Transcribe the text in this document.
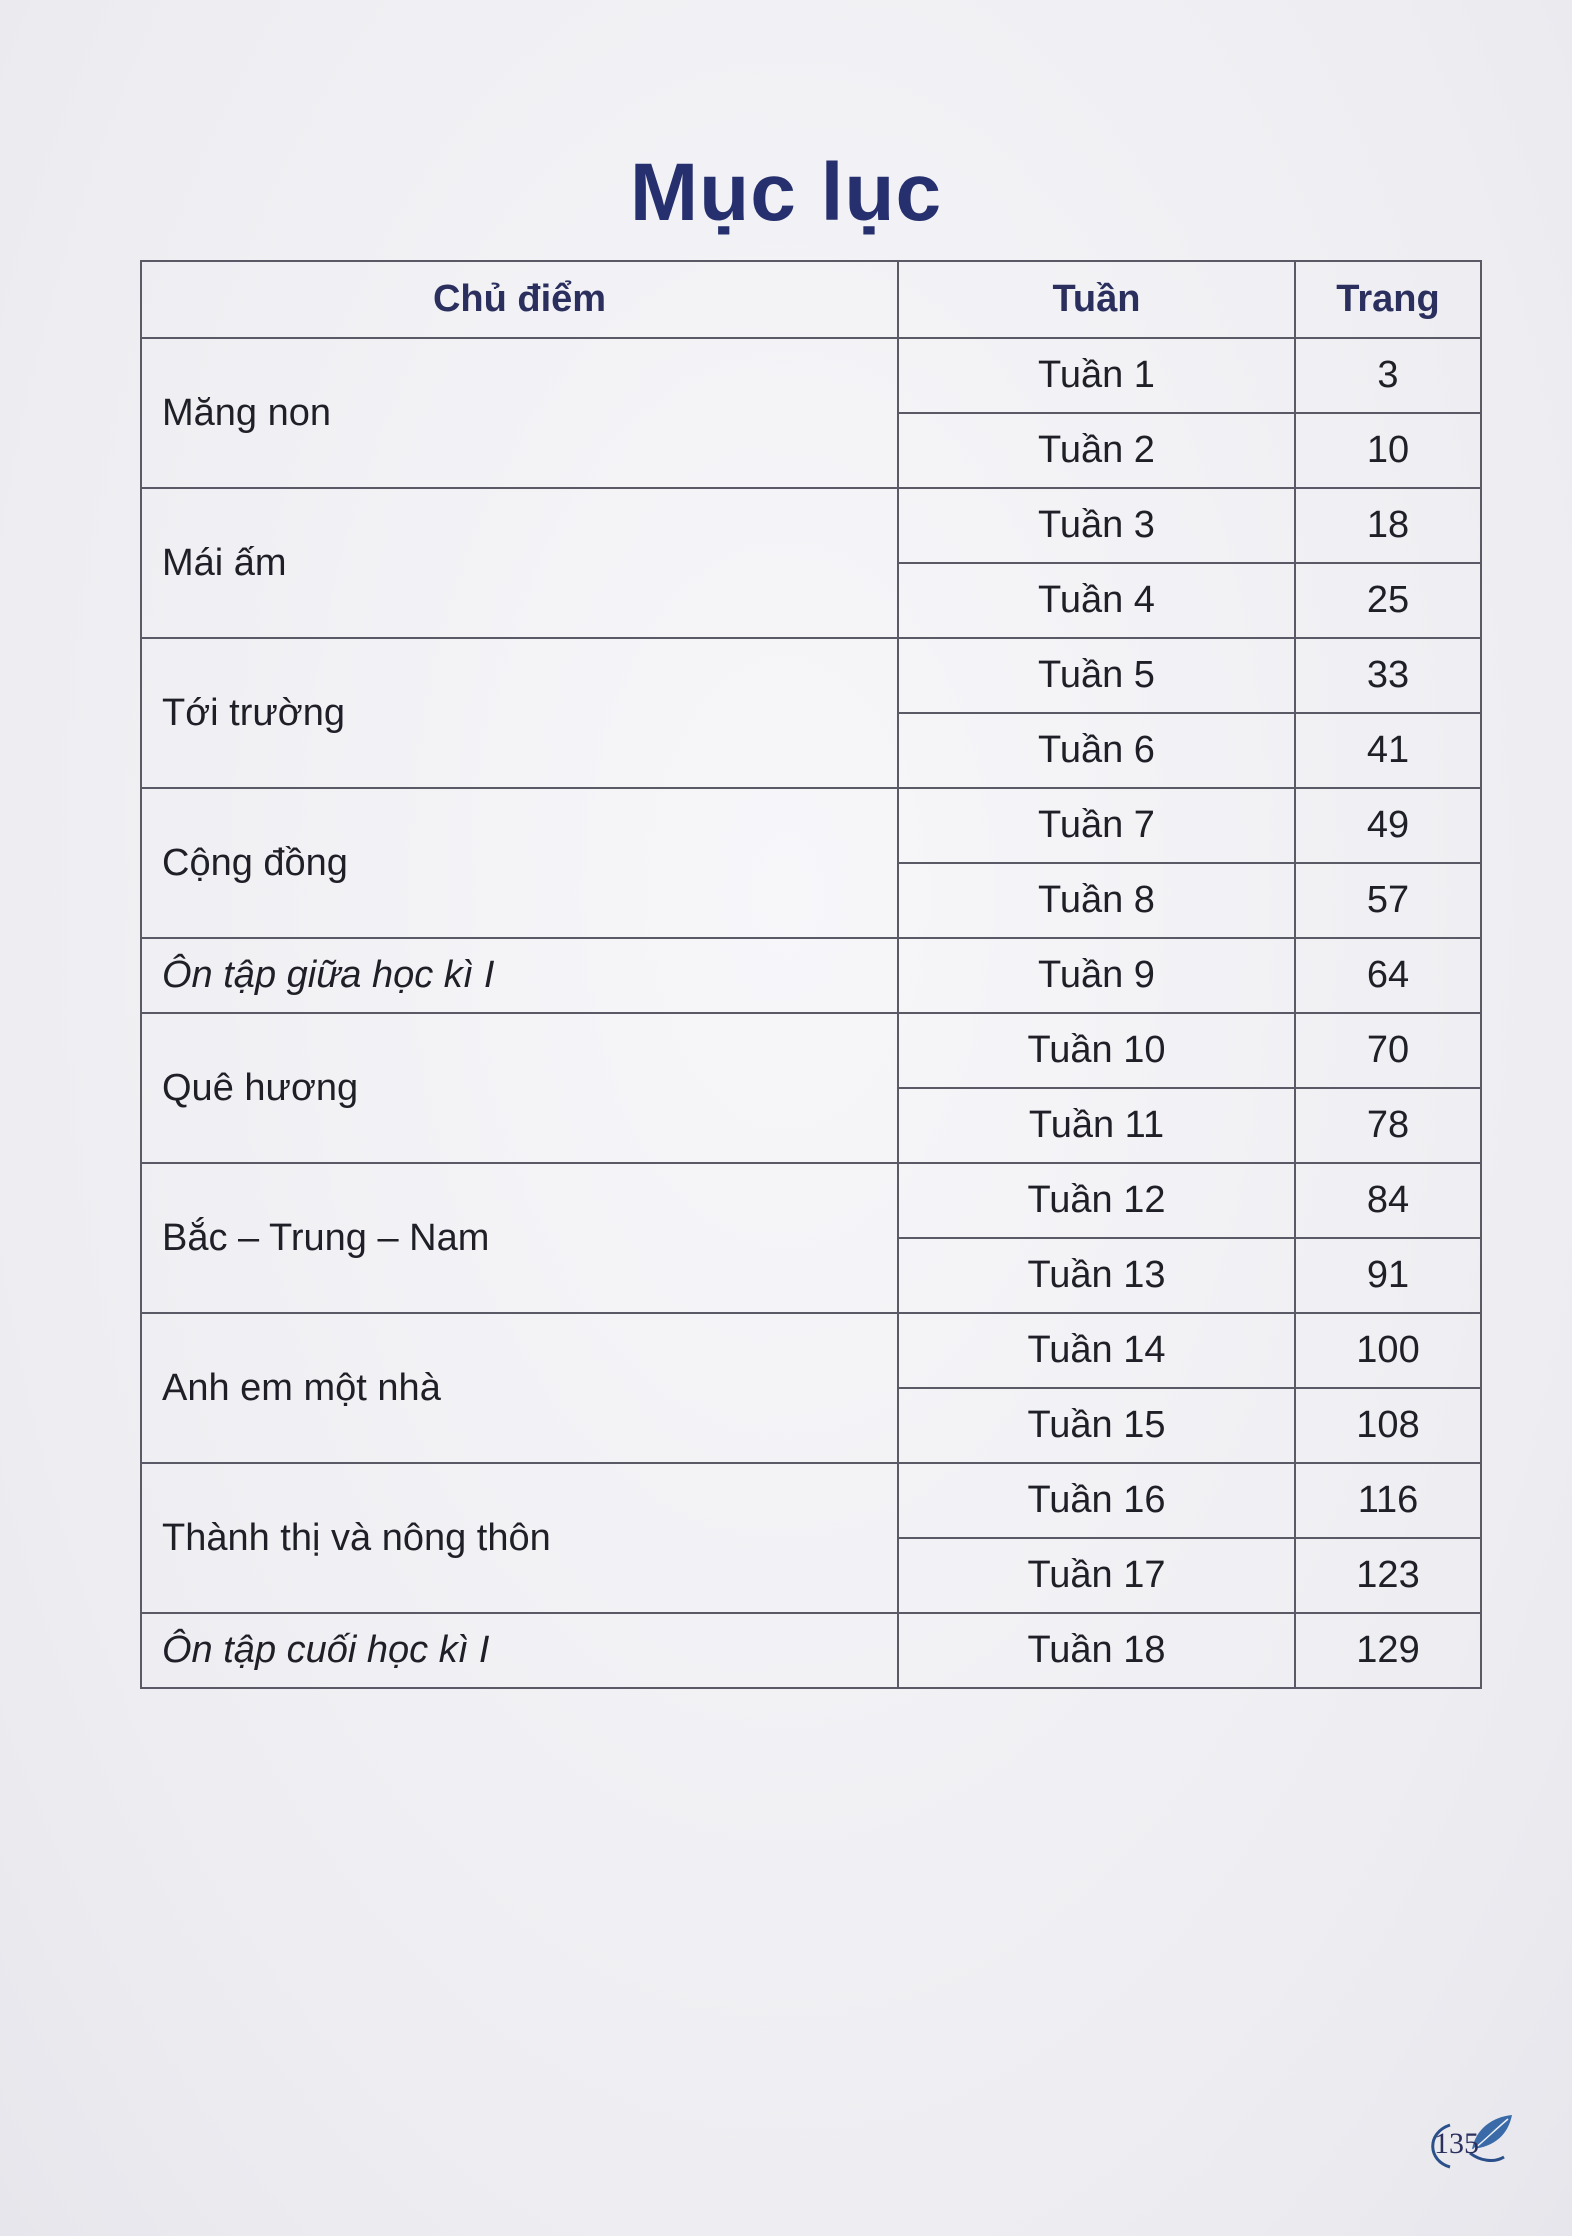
Mục lục
Chủ điểm	Tuần	Trang
Măng non	Tuần 1	3
	Tuần 2	10
Mái ấm	Tuần 3	18
	Tuần 4	25
Tới trường	Tuần 5	33
	Tuần 6	41
Cộng đồng	Tuần 7	49
	Tuần 8	57
Ôn tập giữa học kì I	Tuần 9	64
Quê hương	Tuần 10	70
	Tuần 11	78
Bắc – Trung – Nam	Tuần 12	84
	Tuần 13	91
Anh em một nhà	Tuần 14	100
	Tuần 15	108
Thành thị và nông thôn	Tuần 16	116
	Tuần 17	123
Ôn tập cuối học kì I	Tuần 18	129
135
